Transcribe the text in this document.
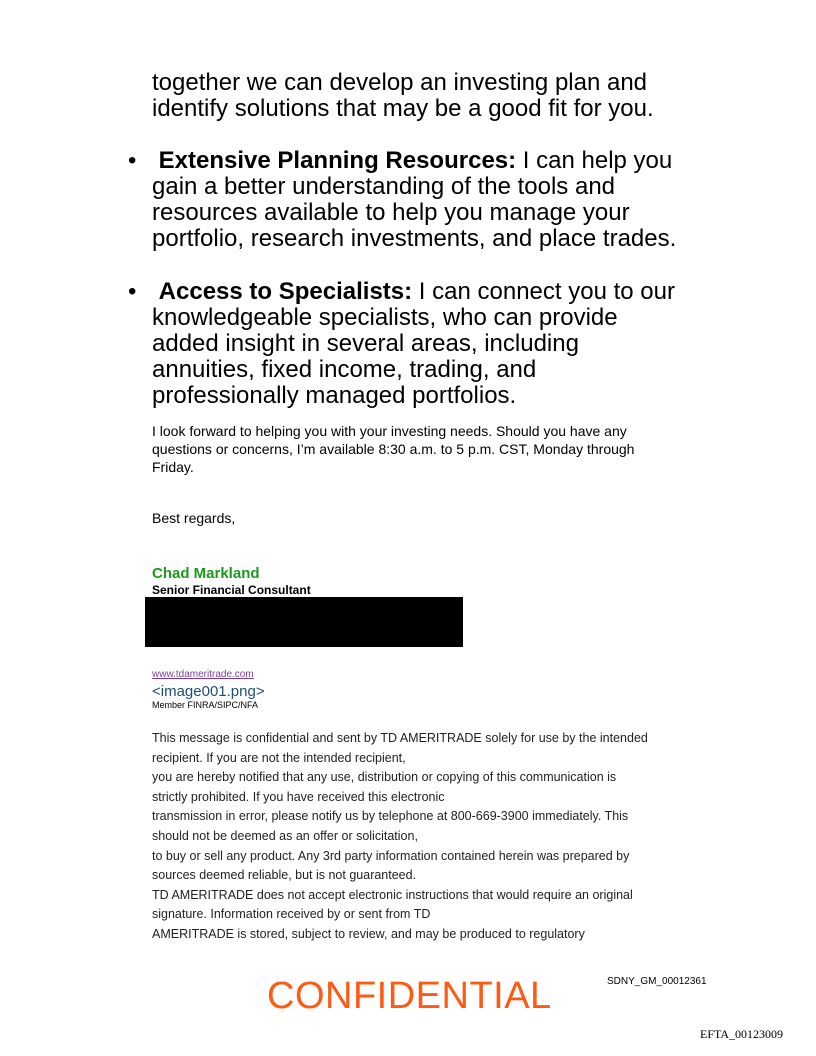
together we can develop an investing plan and
identify solutions that may be a good fit for you.
• Extensive Planning Resources: I can help you
gain a better understanding of the tools and
resources available to help you manage your
portfolio, research investments, and place trades.
• Access to Specialists: I can connect you to our
knowledgeable specialists, who can provide
added insight in several areas, including
annuities, fixed income, trading, and
professionally managed portfolios.
I look forward to helping you with your investing needs. Should you have any
questions or concerns, I’m available 8:30 a.m. to 5 p.m. CST, Monday through
Friday.
Best regards,
Chad Markland
Senior Financial Consultant
www.tdameritrade.com
<image001.png>
Member FINRA/SIPC/NFA
This message is confidential and sent by TD AMERITRADE solely for use by the intended
recipient. If you are not the intended recipient,
you are hereby notified that any use, distribution or copying of this communication is
strictly prohibited. If you have received this electronic
transmission in error, please notify us by telephone at 800-669-3900 immediately. This
should not be deemed as an offer or solicitation,
to buy or sell any product. Any 3rd party information contained herein was prepared by
sources deemed reliable, but is not guaranteed.
TD AMERITRADE does not accept electronic instructions that would require an original
signature. Information received by or sent from TD
AMERITRADE is stored, subject to review, and may be produced to regulatory
SDNY_GM_00012361
CONFIDENTIAL
EFTA_00123009
